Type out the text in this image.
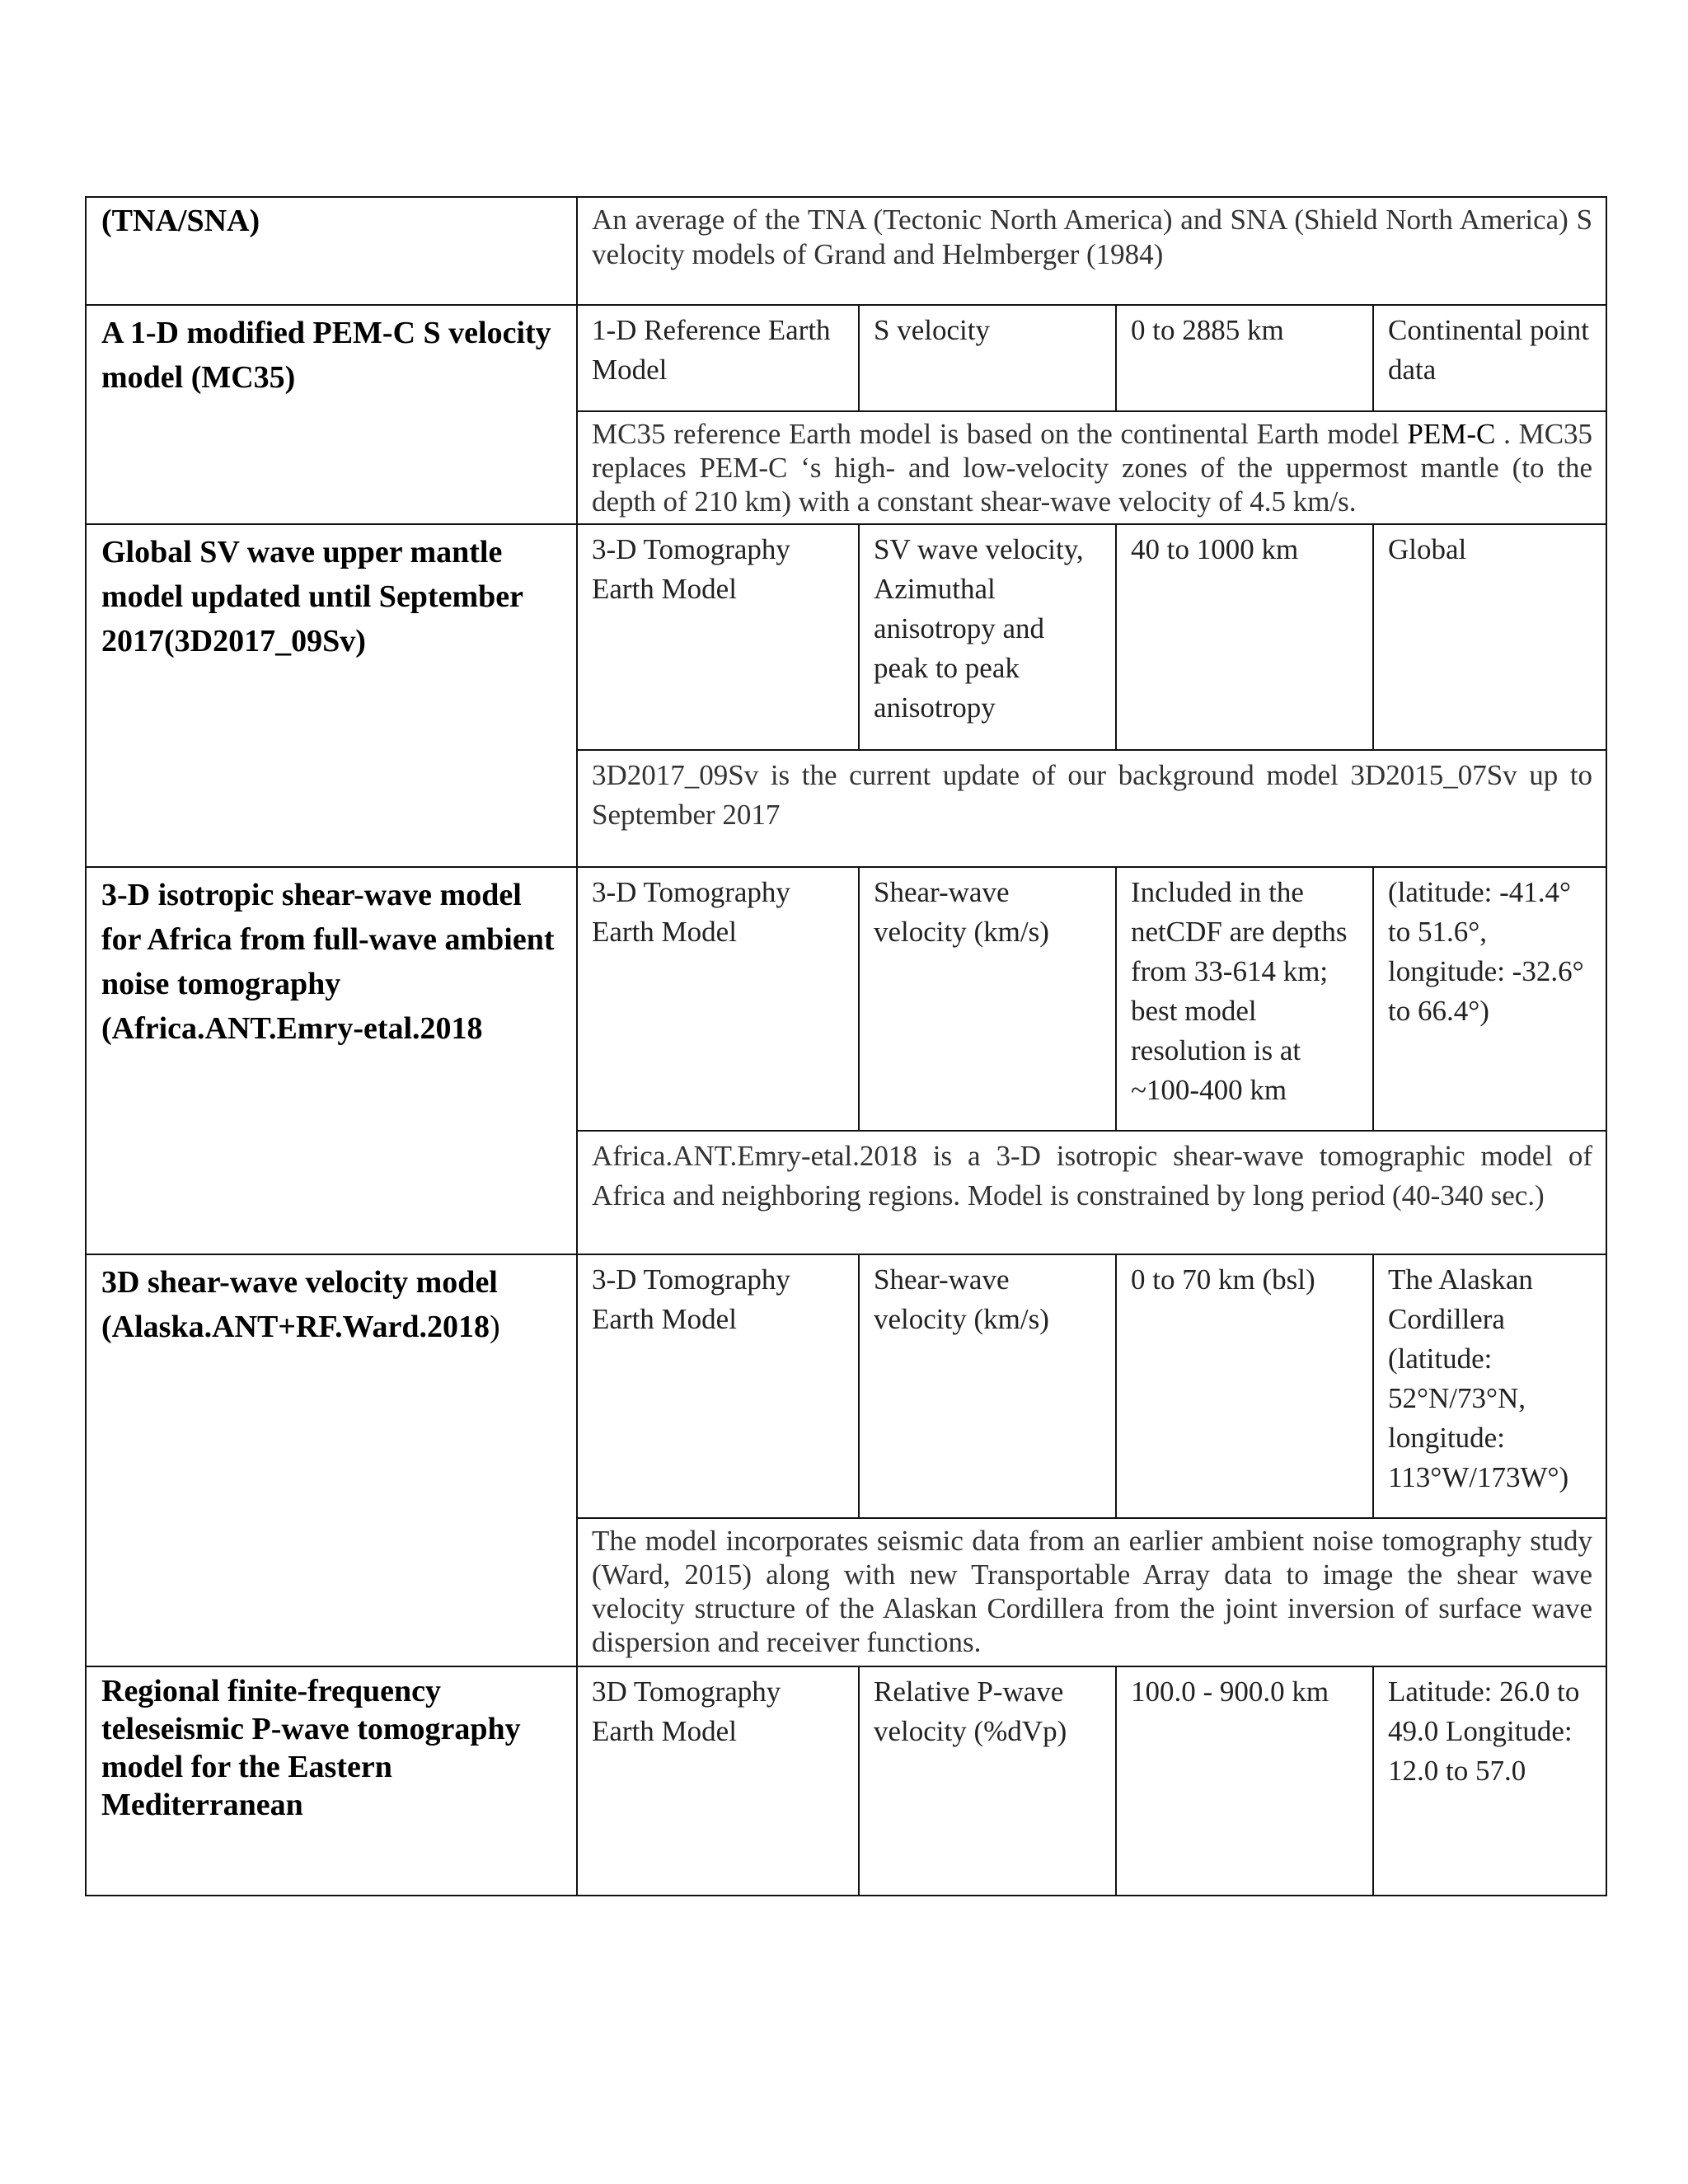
(TNA/SNA)	An average of the TNA (Tectonic North America) and SNA (Shield North America) S velocity models of Grand and Helmberger (1984)			
A 1-D modified PEM-C S velocity model (MC35)	1-D Reference Earth Model	S velocity	0 to 2885 km	Continental point data
	MC35 reference Earth model is based on the continental Earth model PEM-C . MC35 replaces PEM-C ‘s high- and low-velocity zones of the uppermost mantle (to the depth of 210 km) with a constant shear-wave velocity of 4.5 km/s.			
Global SV wave upper mantle model updated until September 2017(3D2017_09Sv)	3-D Tomography Earth Model	SV wave velocity, Azimuthal anisotropy and peak to peak anisotropy	40 to 1000 km	Global
	3D2017_09Sv is the current update of our background model 3D2015_07Sv up to September 2017			
3-D isotropic shear-wave model for Africa from full-wave ambient noise tomography (Africa.ANT.Emry-etal.2018	3-D Tomography Earth Model	Shear-wave velocity (km/s)	Included in the netCDF are depths from 33-614 km; best model resolution is at ~100-400 km	(latitude: -41.4° to 51.6°, longitude: -32.6° to 66.4°)
	Africa.ANT.Emry-etal.2018 is a 3-D isotropic shear-wave tomographic model of Africa and neighboring regions. Model is constrained by long period (40-340 sec.)			
3D shear-wave velocity model (Alaska.ANT+RF.Ward.2018)	3-D Tomography Earth Model	Shear-wave velocity (km/s)	0 to 70 km (bsl)	The Alaskan Cordillera (latitude: 52°N/73°N, longitude: 113°W/173W°)
	The model incorporates seismic data from an earlier ambient noise tomography study (Ward, 2015) along with new Transportable Array data to image the shear wave velocity structure of the Alaskan Cordillera from the joint inversion of surface wave dispersion and receiver functions.			
Regional finite-frequency teleseismic P-wave tomography model for the Eastern Mediterranean	3D Tomography Earth Model	Relative P-wave velocity (%dVp)	100.0 - 900.0 km	Latitude: 26.0 to 49.0 Longitude: 12.0 to 57.0
